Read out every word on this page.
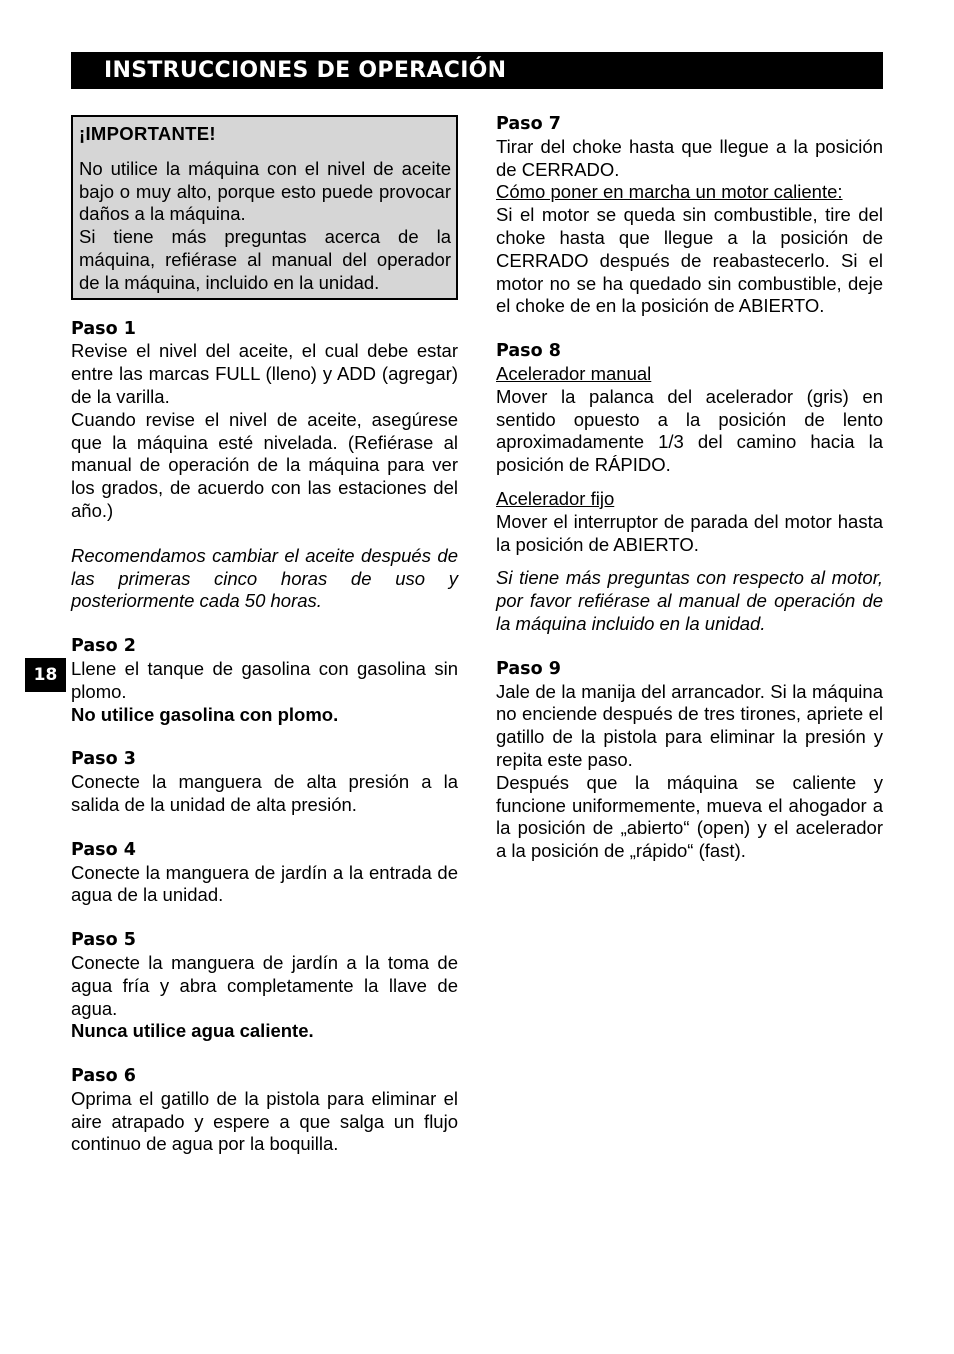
INSTRUCCIONES DE OPERACIÓN
18
¡IMPORTANTE!
No utilice la máquina con el nivel de aceite bajo o muy alto, porque esto puede provocar daños a la máquina.
Si tiene más preguntas acerca de la máquina, refiérase al manual del operador de la máquina, incluido en la unidad.
Paso 1
Revise el nivel del aceite, el cual debe estar entre las marcas FULL (lleno) y ADD (agregar) de la varilla.
Cuando revise el nivel de aceite, asegúrese que la máquina esté nivelada. (Refiérase al manual de operación de la máquina para ver los grados, de acuerdo con las estaciones del año.)
Recomendamos cambiar el aceite después de las primeras cinco horas de uso y posteriormente cada 50 horas.
Paso 2
Llene el tanque de gasolina con gasolina sin plomo.
No utilice gasolina con plomo.
Paso 3
Conecte la manguera de alta presión a la salida de la unidad de alta presión.
Paso 4
Conecte la manguera de jardín a la entrada de agua de la unidad.
Paso 5
Conecte la manguera de jardín a la toma de agua fría y abra completamente la llave de agua.
Nunca utilice agua caliente.
Paso 6
Oprima el gatillo de la pistola para eliminar el aire atrapado y espere a que salga un flujo continuo de agua por la boquilla.
Paso 7
Tirar del choke hasta que llegue a la posición de CERRADO.
Cómo poner en marcha un motor caliente:
Si el motor se queda sin combustible, tire del choke hasta que llegue a la posición de CERRADO después de reabastecerlo. Si el motor no se ha quedado sin combustible, deje el choke de en la posición de ABIERTO.
Paso 8
Acelerador manual
Mover la palanca del acelerador (gris) en sentido opuesto a la posición de lento aproximadamente 1/3 del camino hacia la posición de RÁPIDO.
Acelerador fijo
Mover el interruptor de parada del motor hasta la posición de ABIERTO.
Si tiene más preguntas con respecto al motor, por favor refiérase al manual de operación de la máquina incluido en la unidad.
Paso 9
Jale de la manija del arrancador. Si la máquina no enciende después de tres tirones, apriete el gatillo de la pistola para eliminar la presión y repita este paso.
Después que la máquina se caliente y funcione uniformemente, mueva el ahogador a la posición de „abierto“ (open) y el acelerador a la posición de „rápido“ (fast).
